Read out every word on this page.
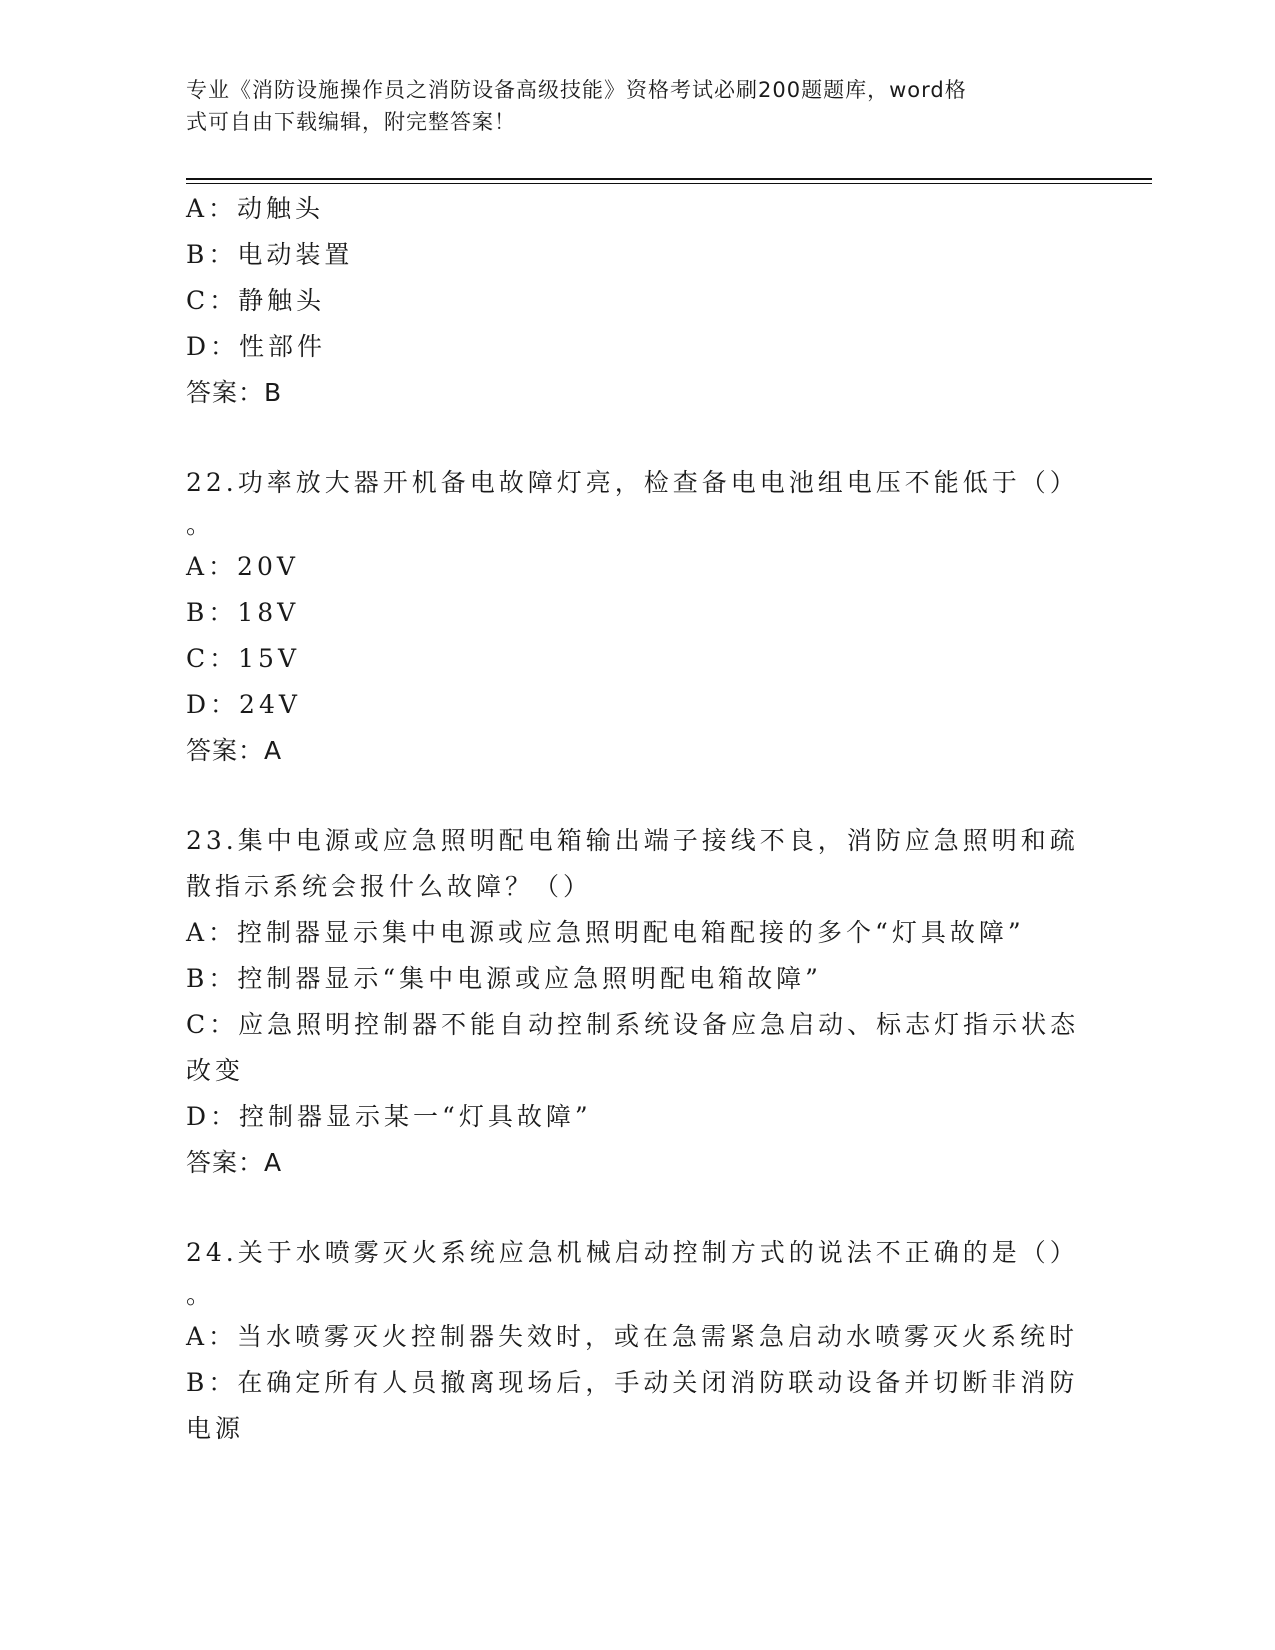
专业《消防设施操作员之消防设备高级技能》资格考试必刷200题题库，word格
式可自由下载编辑，附完整答案！
A：动触头
B：电动装置
C：静触头
D：性部件
答案：B
22.功率放大器开机备电故障灯亮，检查备电电池组电压不能低于（）
。
A：20V
B：18V
C：15V
D：24V
答案：A
23.集中电源或应急照明配电箱输出端子接线不良，消防应急照明和疏
散指示系统会报什么故障？（）
A：控制器显示集中电源或应急照明配电箱配接的多个“灯具故障”
B：控制器显示“集中电源或应急照明配电箱故障”
C：应急照明控制器不能自动控制系统设备应急启动、标志灯指示状态
改变
D：控制器显示某一“灯具故障”
答案：A
24.关于水喷雾灭火系统应急机械启动控制方式的说法不正确的是（）
。
A：当水喷雾灭火控制器失效时，或在急需紧急启动水喷雾灭火系统时
B：在确定所有人员撤离现场后，手动关闭消防联动设备并切断非消防
电源
